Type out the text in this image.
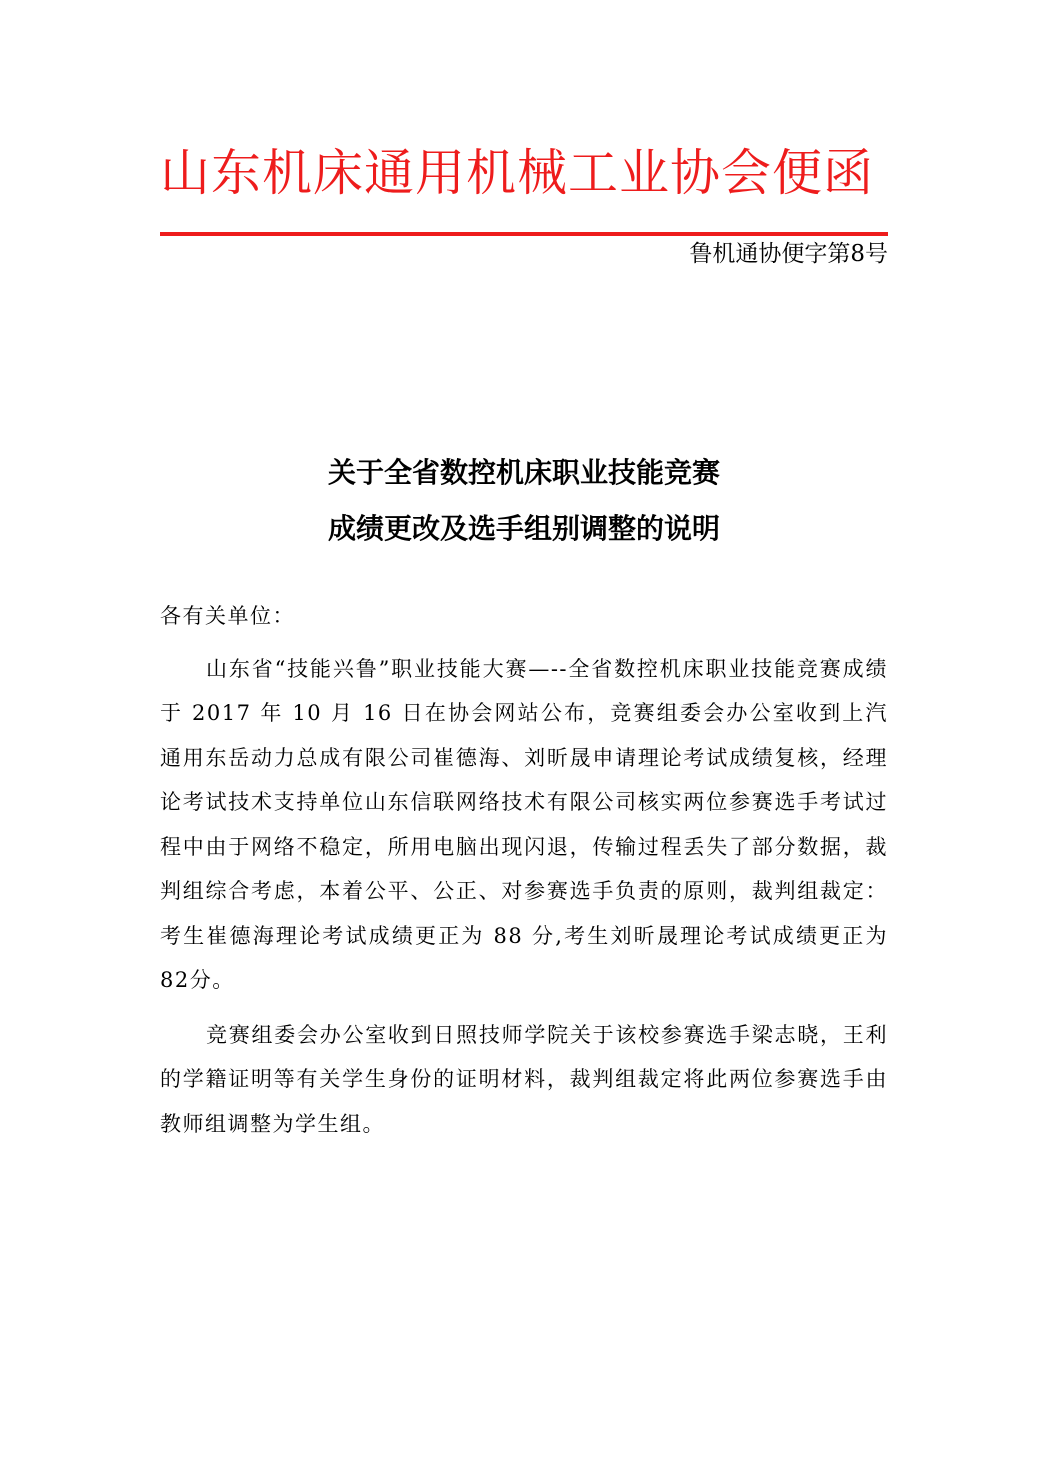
山东机床通用机械工业协会便函
鲁机通协便字第8号
关于全省数控机床职业技能竞赛
成绩更改及选手组别调整的说明

各有关单位：

山东省“技能兴鲁”职业技能大赛—--全省数控机床职业技能竞赛成绩于 2017 年 10 月 16 日在协会网站公布，竞赛组委会办公室收到上汽通用东岳动力总成有限公司崔德海、刘昕晟申请理论考试成绩复核，经理论考试技术支持单位山东信联网络技术有限公司核实两位参赛选手考试过程中由于网络不稳定，所用电脑出现闪退，传输过程丢失了部分数据，裁判组综合考虑，本着公平、公正、对参赛选手负责的原则，裁判组裁定：考生崔德海理论考试成绩更正为 88 分,考生刘昕晟理论考试成绩更正为 82分。

竞赛组委会办公室收到日照技师学院关于该校参赛选手梁志晓，王利的学籍证明等有关学生身份的证明材料，裁判组裁定将此两位参赛选手由教师组调整为学生组。
